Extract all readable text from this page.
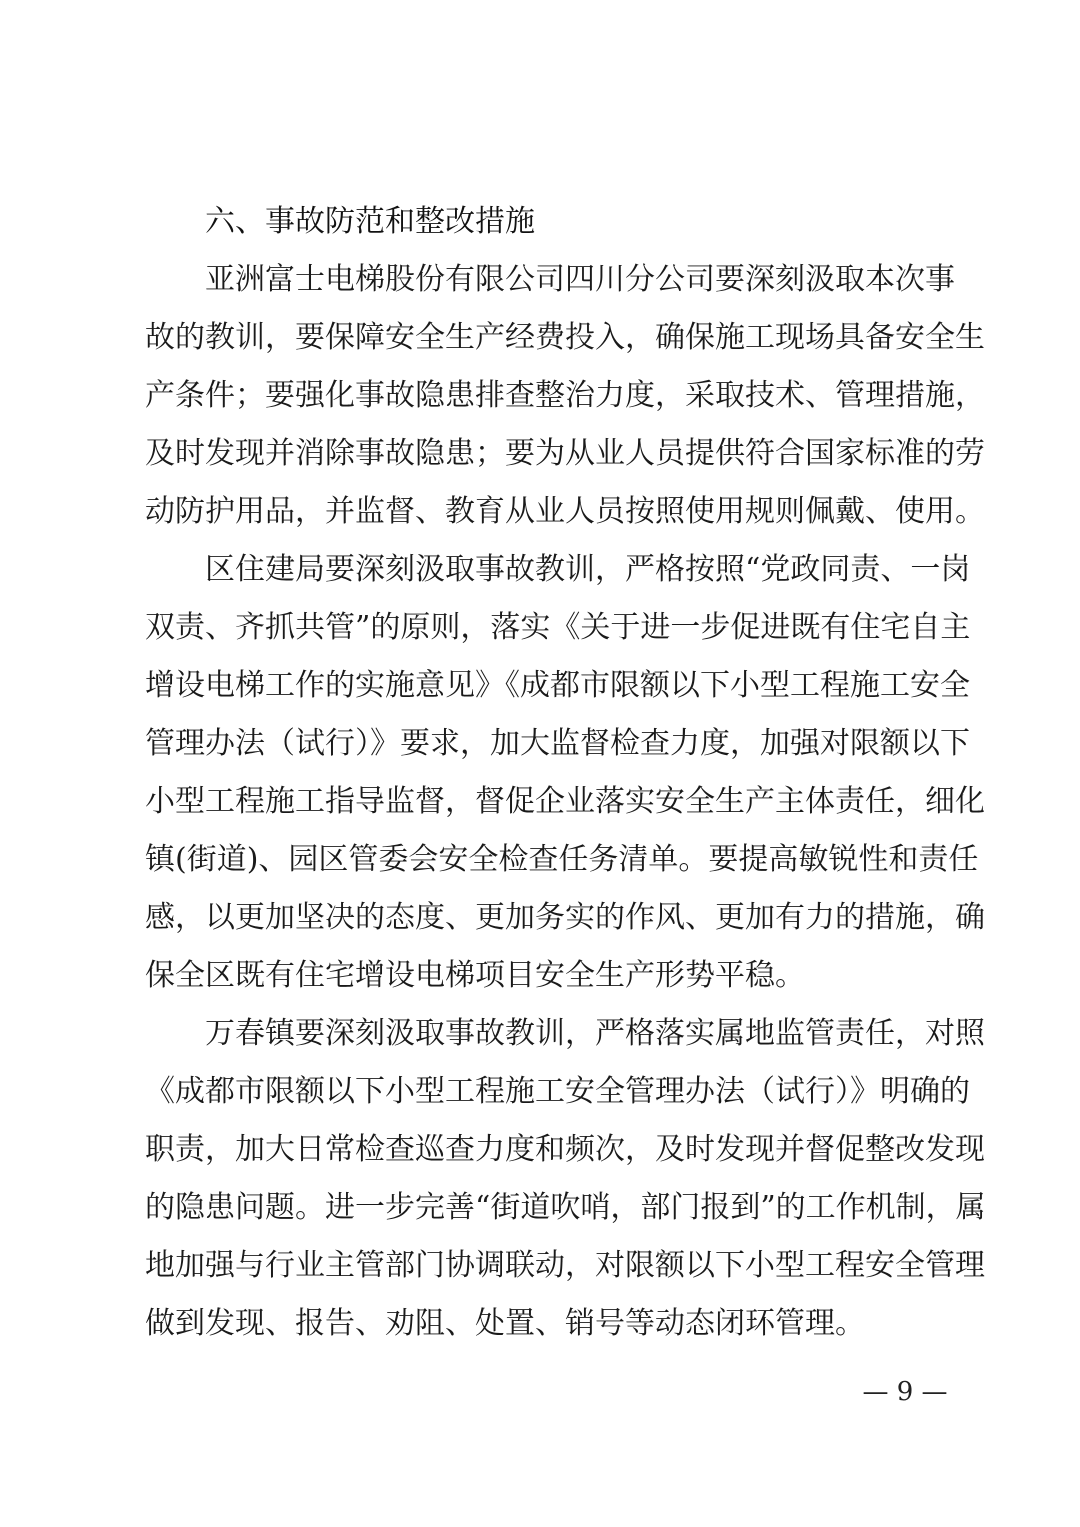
六、事故防范和整改措施
亚洲富士电梯股份有限公司四川分公司要深刻汲取本次事
故的教训，要保障安全生产经费投入，确保施工现场具备安全生
产条件；要强化事故隐患排查整治力度，采取技术、管理措施，
及时发现并消除事故隐患；要为从业人员提供符合国家标准的劳
动防护用品，并监督、教育从业人员按照使用规则佩戴、使用。
区住建局要深刻汲取事故教训，严格按照“党政同责、一岗
双责、齐抓共管”的原则，落实《关于进一步促进既有住宅自主
增设电梯工作的实施意见》《成都市限额以下小型工程施工安全
管理办法（试行）》要求，加大监督检查力度，加强对限额以下
小型工程施工指导监督，督促企业落实安全生产主体责任，细化
镇(街道)、园区管委会安全检查任务清单。要提高敏锐性和责任
感，以更加坚决的态度、更加务实的作风、更加有力的措施，确
保全区既有住宅增设电梯项目安全生产形势平稳。
万春镇要深刻汲取事故教训，严格落实属地监管责任，对照
《成都市限额以下小型工程施工安全管理办法（试行）》明确的
职责，加大日常检查巡查力度和频次，及时发现并督促整改发现
的隐患问题。进一步完善“街道吹哨，部门报到”的工作机制，属
地加强与行业主管部门协调联动，对限额以下小型工程安全管理
做到发现、报告、劝阻、处置、销号等动态闭环管理。
— 9 —
